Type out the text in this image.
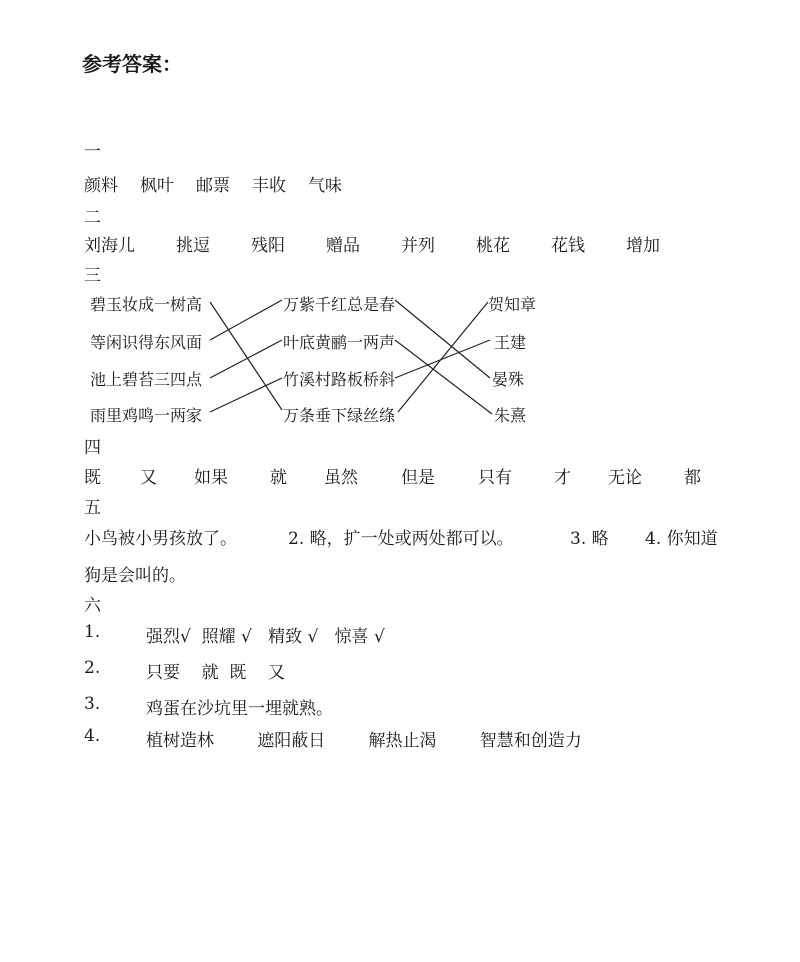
参考答案：
一
颜料 枫叶 邮票 丰收 气味
二
刘海儿 挑逗 残阳 赠品 并列 桃花 花钱 增加
三
碧玉妆成一树高
等闲识得东风面
池上碧苔三四点
雨里鸡鸣一两家
万紫千红总是春
叶底黄鹂一两声
竹溪村路板桥斜
万条垂下绿丝绦
贺知章
王建
晏殊
朱熹
四
既 又 如果 就 虽然	但是	只有 才 无论 都
五
小鸟被小男孩放了。	2. 略，扩一处或两处都可以。	3. 略 4. 你知道
狗是会叫的。
六
1.	强烈√  照耀 √   精致 √   惊喜 √
2.	只要    就  既    又
3.	鸡蛋在沙坑里一埋就熟。
4.	植树造林        遮阳蔽日        解热止渴        智慧和创造力
